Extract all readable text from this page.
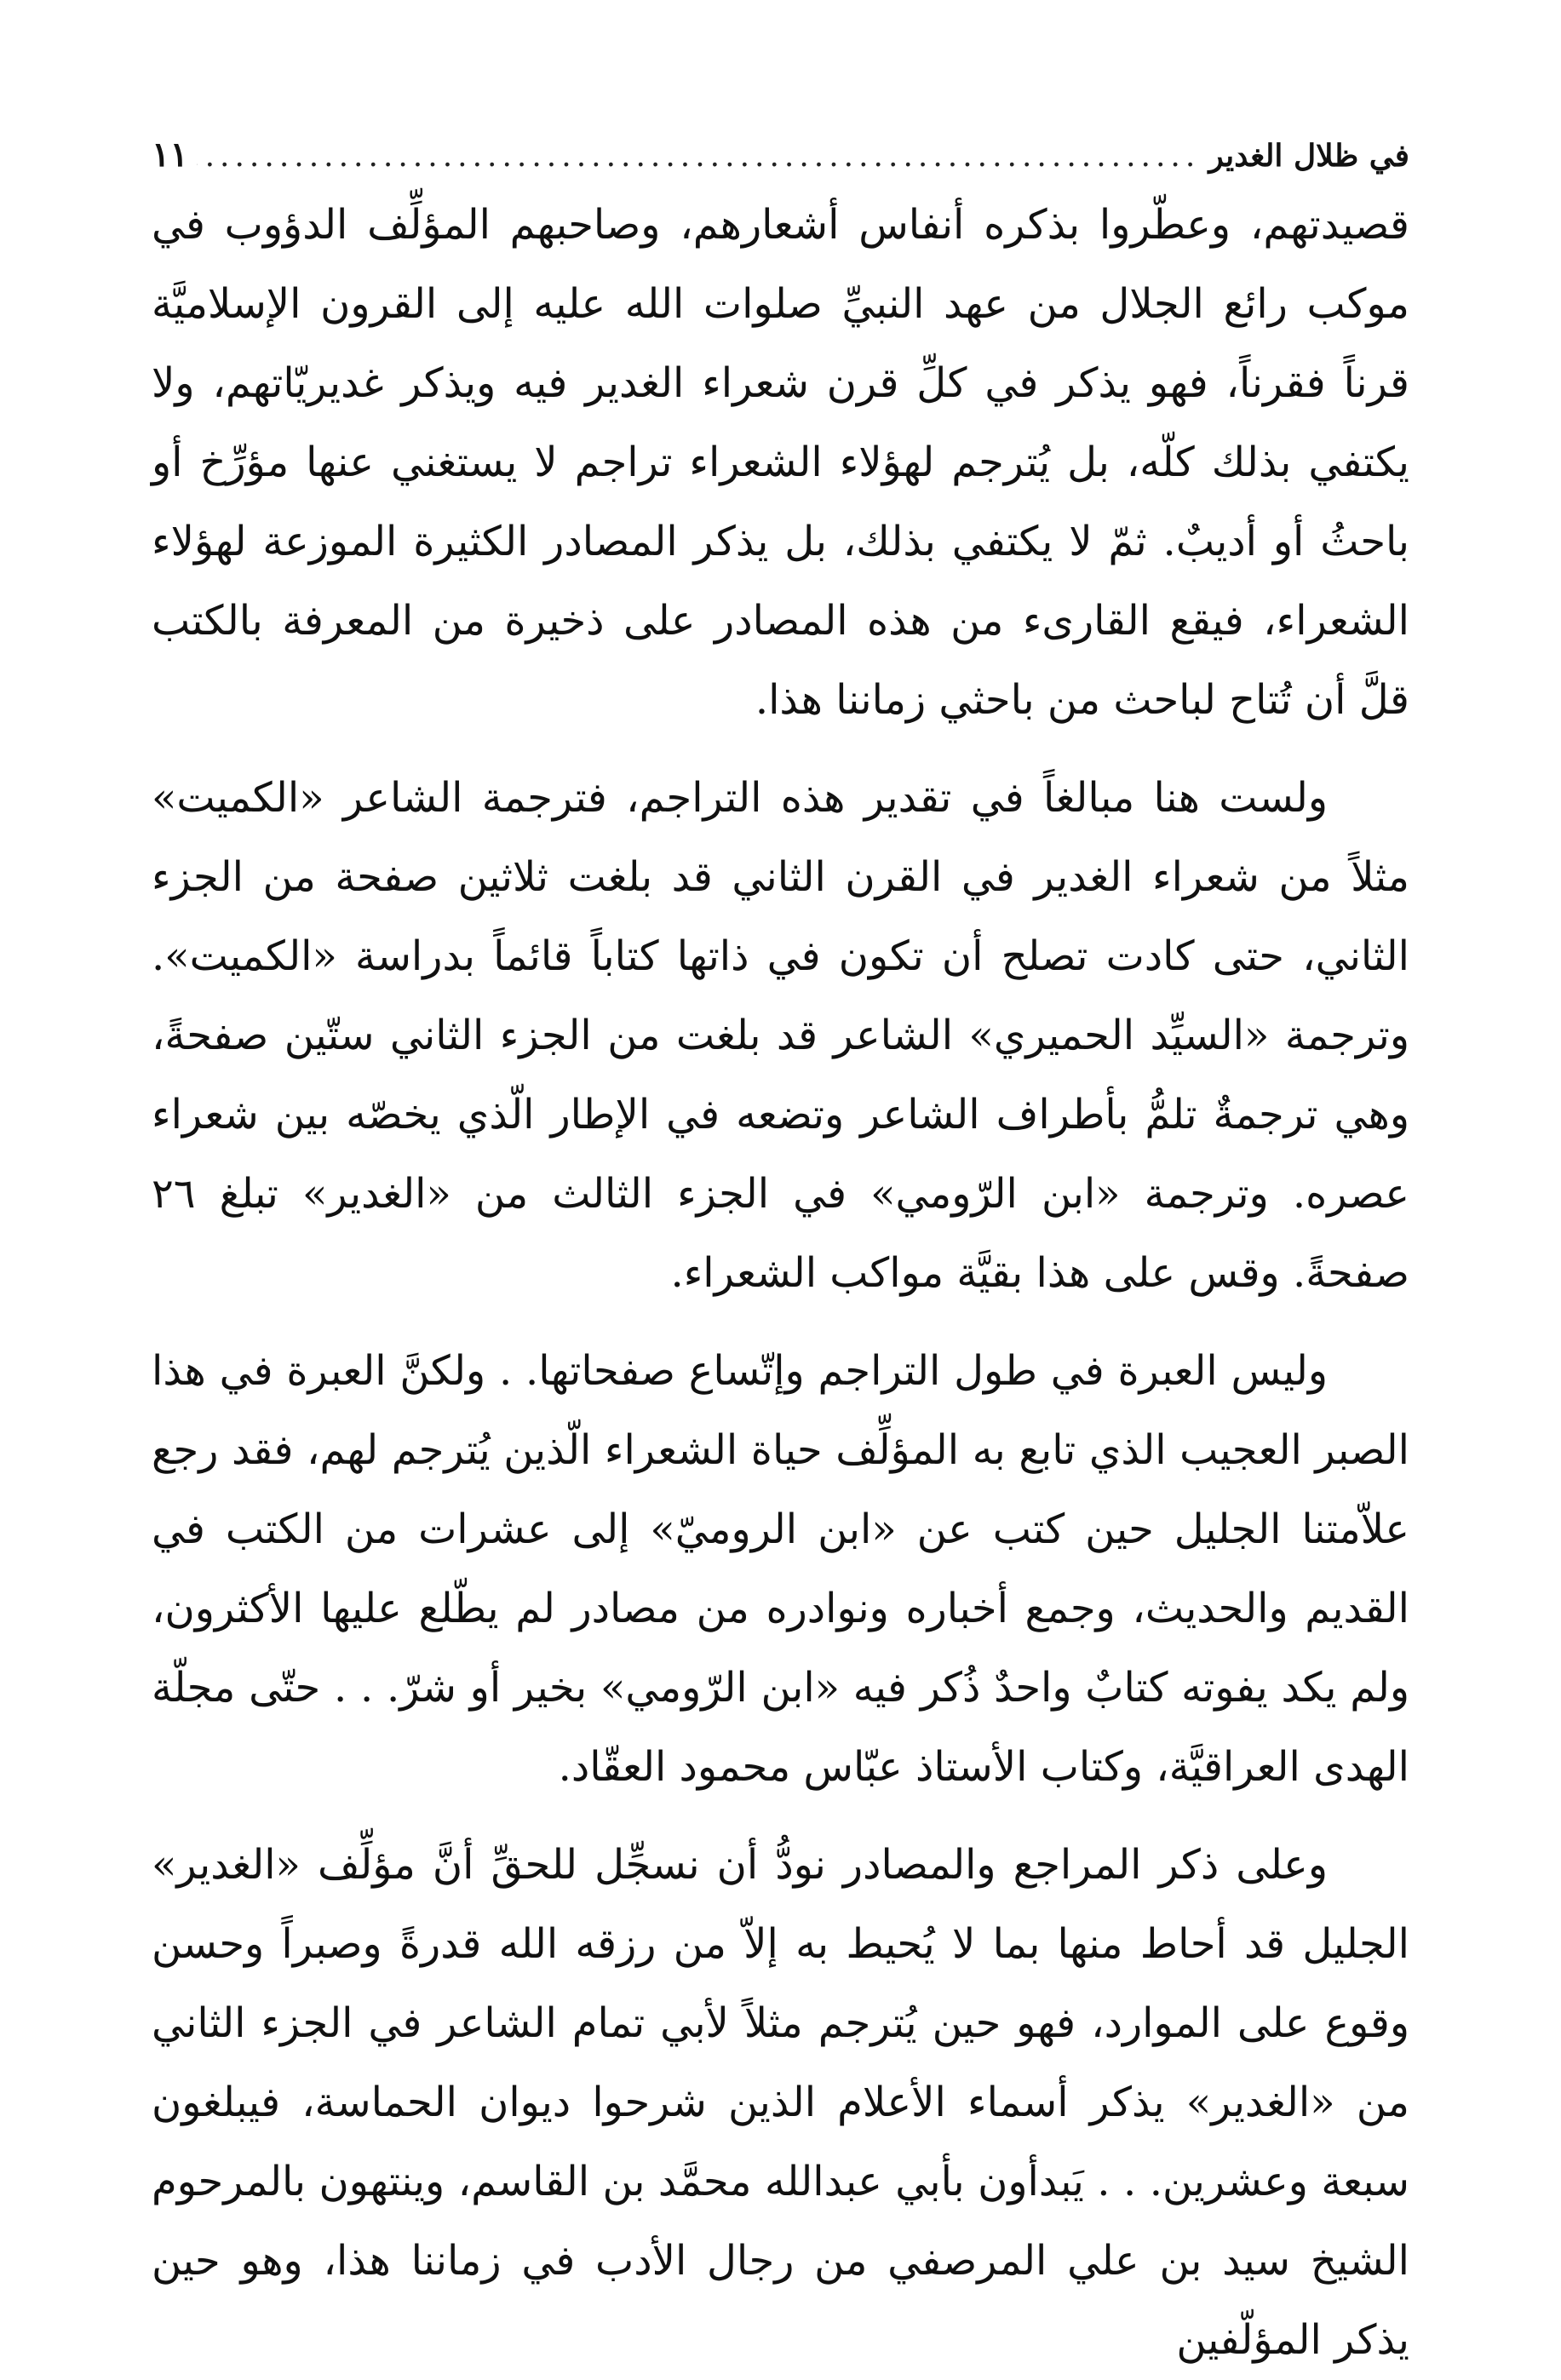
في ظلال الغدير
.....
١١

قصيدتهم، وعطّروا بذكره أنفاس أشعارهم، وصاحبهم المؤلِّف الدؤوب في موكب رائع الجلال من عهد النبيِّ صلوات الله عليه إلى القرون الإسلاميَّة قرناً فقرناً، فهو يذكر في كلِّ قرن شعراء الغدير فيه ويذكر غديريّاتهم، ولا يكتفي بذلك كلّه، بل يُترجم لهؤلاء الشعراء تراجم لا يستغني عنها مؤرِّخ أو باحثُ أو أديبٌ. ثمّ لا يكتفي بذلك، بل يذكر المصادر الكثيرة الموزعة لهؤلاء الشعراء، فيقع القارىء من هذه المصادر على ذخيرة من المعرفة بالكتب قلَّ أن تُتاح لباحث من باحثي زماننا هذا.

ولست هنا مبالغاً في تقدير هذه التراجم، فترجمة الشاعر «الكميت» مثلاً من شعراء الغدير في القرن الثاني قد بلغت ثلاثين صفحة من الجزء الثاني، حتى كادت تصلح أن تكون في ذاتها كتاباً قائماً بدراسة «الكميت». وترجمة «السيِّد الحميري» الشاعر قد بلغت من الجزء الثاني ستّين صفحةً، وهي ترجمةٌ تلمُّ بأطراف الشاعر وتضعه في الإطار الّذي يخصّه بين شعراء عصره. وترجمة «ابن الرّومي» في الجزء الثالث من «الغدير» تبلغ ٢٦ صفحةً. وقس على هذا بقيَّة مواكب الشعراء.

وليس العبرة في طول التراجم وإتّساع صفحاتها. . ولكنَّ العبرة في هذا الصبر العجيب الذي تابع به المؤلِّف حياة الشعراء الّذين يُترجم لهم، فقد رجع علاّمتنا الجليل حين كتب عن «ابن الروميّ» إلى عشرات من الكتب في القديم والحديث، وجمع أخباره ونوادره من مصادر لم يطّلع عليها الأكثرون، ولم يكد يفوته كتابٌ واحدٌ ذُكر فيه «ابن الرّومي» بخير أو شرّ. . . حتّى مجلّة الهدى العراقيَّة، وكتاب الأستاذ عبّاس محمود العقّاد.

وعلى ذكر المراجع والمصادر نودُّ أن نسجِّل للحقِّ أنَّ مؤلِّف «الغدير» الجليل قد أحاط منها بما لا يُحيط به إلاّ من رزقه الله قدرةً وصبراً وحسن وقوع على الموارد، فهو حين يُترجم مثلاً لأبي تمام الشاعر في الجزء الثاني من «الغدير» يذكر أسماء الأعلام الذين شرحوا ديوان الحماسة، فيبلغون سبعة وعشرين. . . يَبدأون بأبي عبدالله محمَّد بن القاسم، وينتهون بالمرحوم الشيخ سيد بن علي المرصفي من رجال الأدب في زماننا هذا، وهو حين يذكر المؤلّفين
